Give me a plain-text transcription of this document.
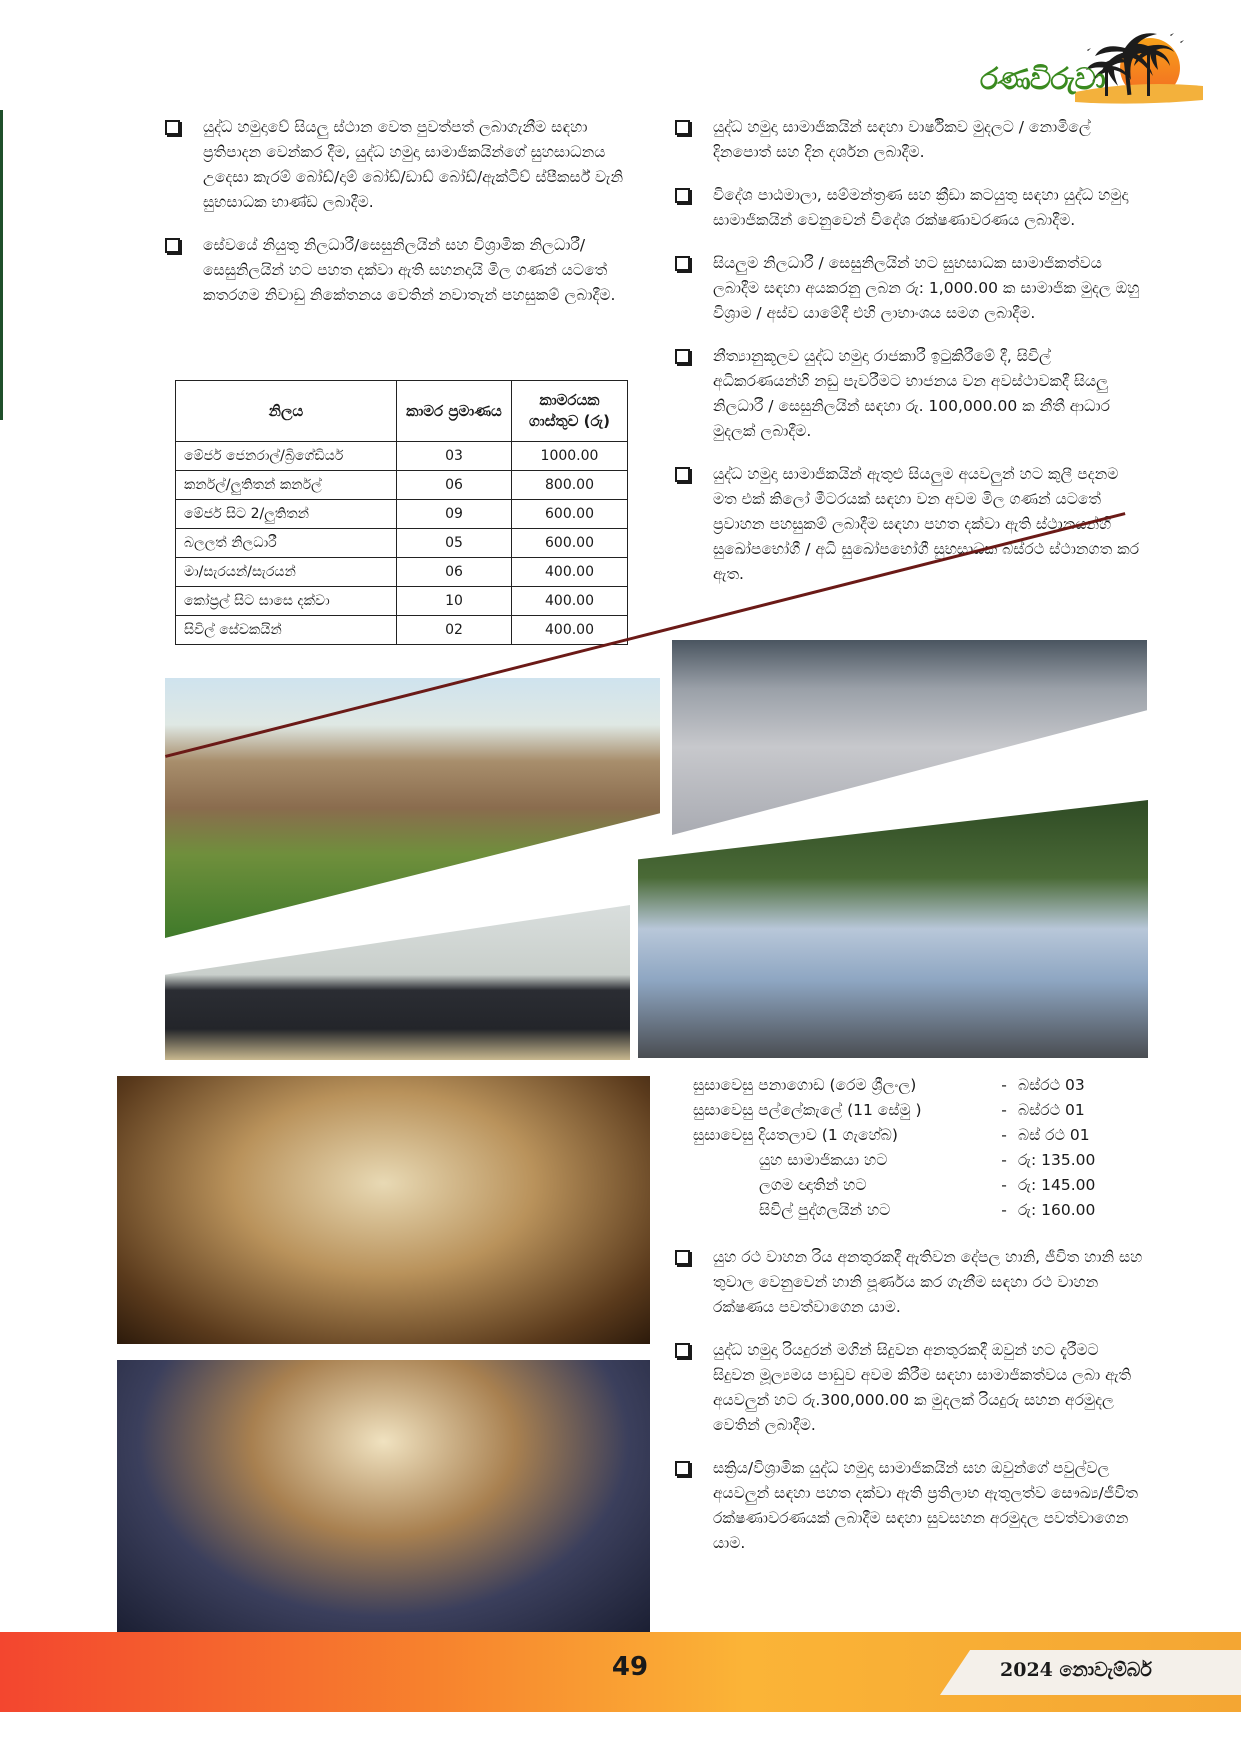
රණවිරුවා
යුද්ධ හමුදාවේ සියලු ස්ථාන වෙත පුවත්පත් ලබාගැනීම සඳහා ප්‍රතිපාදන වෙන්කර දීම, යුද්ධ හමුදා සාමාජිකයින්ගේ සුහසාධනය උදෙසා කැරම් බෝඩ්/දාම් බෝඩ්/ඩාඩ් බෝඩ්/ඇක්ටිව් ස්පීකර්ස් වැනි සුභසාධක භාණ්ඩ ලබාදීම.
සේවයේ නියුතු නිලධාරී/සෙසුනිලයින් සහ විශ්‍රාමික නිලධාරී/සෙසුනිලයින් හට පහත දක්වා ඇති සහනදායි මිල ගණන් යටතේ කතරගම නිවාඩු නිකේතනය වෙතින් නවාතැන් පහසුකම් ලබාදීම.
නිලය	කාමර ප්‍රමාණය	කාමරයක ගාස්තුව (රු)
මේජර් ජෙනරාල්/බ්‍රිගේඩියර්	03	1000.00
කර්නල්/ලුතිතන් කර්නල්	06	800.00
මේජර් සිට 2/ලුතිතන්	09	600.00
බලලත් නිලධාරී	05	600.00
මා/සැරයන්/සැරයන්	06	400.00
කෝප්‍රල් සිට සාසෙ දක්වා	10	400.00
සිවිල් සේවකයින්	02	400.00
යුද්ධ හමුදා සාමාජිකයින් සඳහා වාර්ෂිකව මුදලට / නොමිලේ දිනපොත් සහ දින දර්ශන ලබාදීම.
විදේශ පාඨමාලා, සම්මන්ත්‍රණ සහ ක්‍රීඩා කටයුතු සඳහා යුද්ධ හමුදා සාමාජිකයින් වෙනුවෙන් විදේශ රක්ෂණාවරණය ලබාදීම.
සියලුම නිලධාරී / සෙසුනිලයින් හට සුභසාධක සාමාජිකත්වය ලබාදීම සඳහා අයකරනු ලබන රු: 1,000.00 ක සාමාජික මුදල ඔහු විශ්‍රාම / අස්ව යාමේදී එහි ලාභාංශය සමග ලබාදීම.
නීත්‍යානුකූලව යුද්ධ හමුදා රාජකාරී ඉටුකිරීමේ දී, සිවිල් අධිකරණයන්හි නඩු පැවරීමට භාජනය වන අවස්ථාවකදී සියලු නිලධාරී / සෙසුනිලයින් සඳහා රු. 100,000.00 ක නීතී ආධාර මුදලක් ලබාදීම.
යුද්ධ හමුදා සාමාජිකයින් ඇතුළු සියලුම අයවලුන් හට කුලී පදනම මත එක් කිලෝ මීටරයක් සඳහා වන අවම මිල ගණන් යටතේ ප්‍රවාහන පහසුකම් ලබාදීම සඳහා පහත දක්වා ඇති ස්ථානයන්හි සුඛෝපභෝගී / අධි සුඛෝපභෝගී සුභසාධක බස්රථ ස්ථානගත කර ඇත.
සුසාවෙසු පනාගොඩ (රෙම ශ්‍රීලංල)	- බස්රථ 03
සුසාවෙසු පල්ලේකැලේ (11 සේමු )	- බස්රථ 01
සුසාවෙසු දියතලාව (1 ගැහේබ)	- බස් රථ 01
යුහ සාමාජිකයා හට	- රු: 135.00
ලගම ඥාතින් හට	- රු: 145.00
සිවිල් පුද්ගලයින් හට	- රු: 160.00
යුහ රථ වාහන රිය අනතුරකදී ඇතිවන දේපල හානි, ජීවිත හානි සහ තුවාල වෙනුවෙන් හානි පූර්ණය කර ගැනීම සඳහා රථ වාහන රක්ෂණය පවත්වාගෙන යාම.
යුද්ධ හමුදා රියදුරන් මගින් සිදුවන අනතුරකදී ඔවුන් හට දැරීමට සිදුවන මූල්‍යමය පාඩුව අවම කිරීම සඳහා සාමාජිකත්වය ලබා ඇති අයවලුන් හට රු.300,000.00 ක මුදලක් රියදුරු සහන අරමුදල වෙතින් ලබාදීම.
සක්‍රිය/විශ්‍රාමික යුද්ධ හමුදා සාමාජිකයින් සහ ඔවුන්ගේ පවුල්වල අයවලුන් සඳහා පහත දක්වා ඇති ප්‍රතිලාභ ඇතුලත්ව සෞඛ්‍ය/ජීවිත රක්ෂණාවරණයක් ලබාදීම සඳහා සුවසහන අරමුදල පවත්වාගෙන යාම.
49	2024 නොවැම්බර්
